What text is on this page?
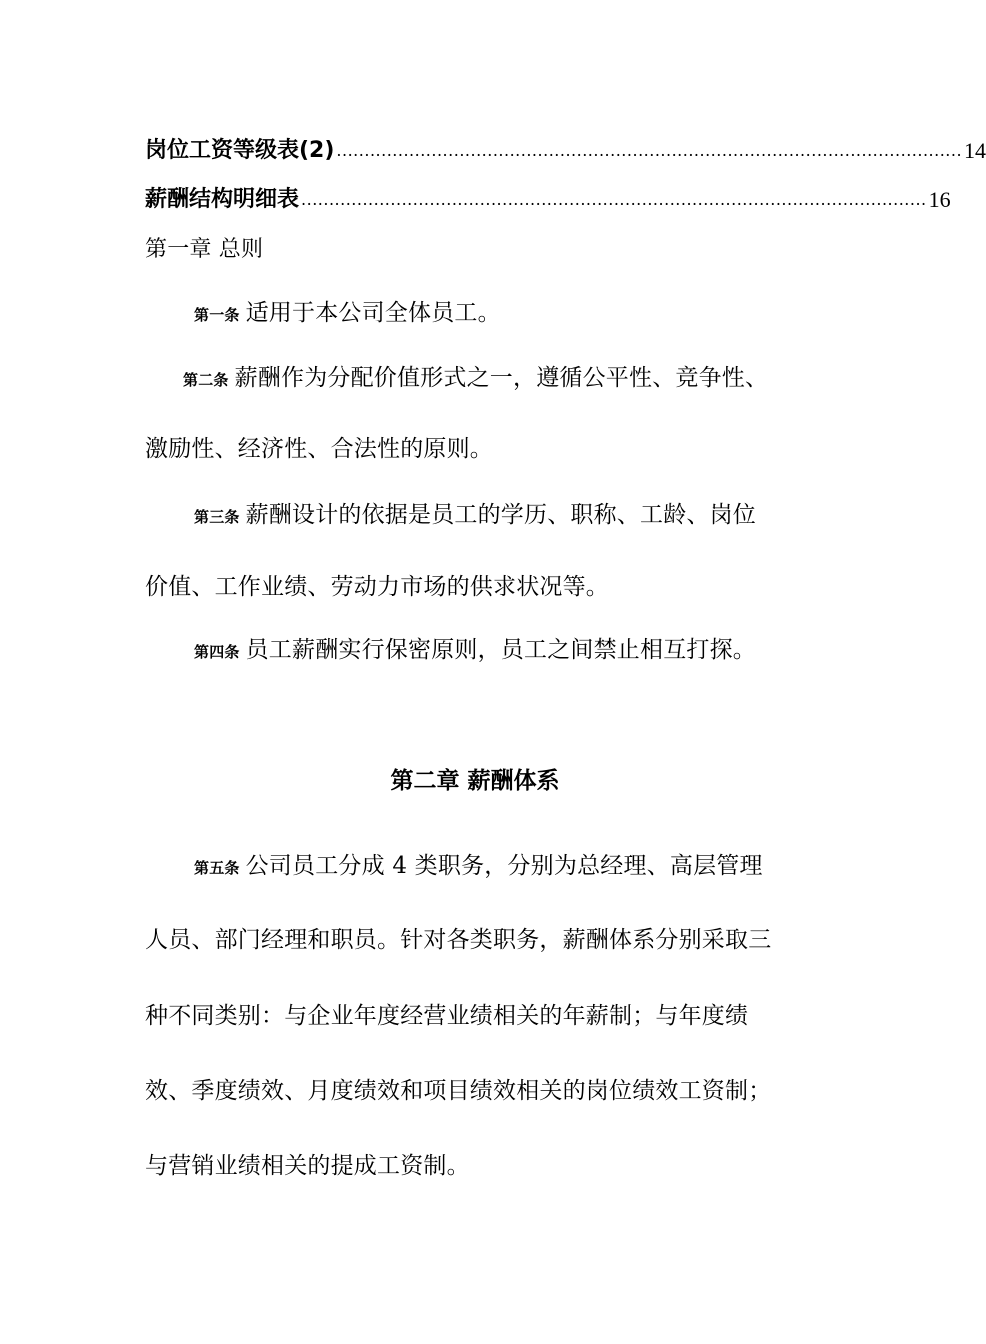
岗位工资等级表(2) ................................................................................................................ 14
薪酬结构明细表 ................................................................................................................ 16
第一章 总则
第一条 适用于本公司全体员工。
第二条 薪酬作为分配价值形式之一，遵循公平性、竞争性、
激励性、经济性、合法性的原则。
第三条 薪酬设计的依据是员工的学历、职称、工龄、岗位
价值、工作业绩、劳动力市场的供求状况等。
第四条 员工薪酬实行保密原则，员工之间禁止相互打探。
第二章 薪酬体系
第五条 公司员工分成 4 类职务，分别为总经理、高层管理
人员、部门经理和职员。针对各类职务，薪酬体系分别采取三
种不同类别：与企业年度经营业绩相关的年薪制；与年度绩
效、季度绩效、月度绩效和项目绩效相关的岗位绩效工资制；
与营销业绩相关的提成工资制。
